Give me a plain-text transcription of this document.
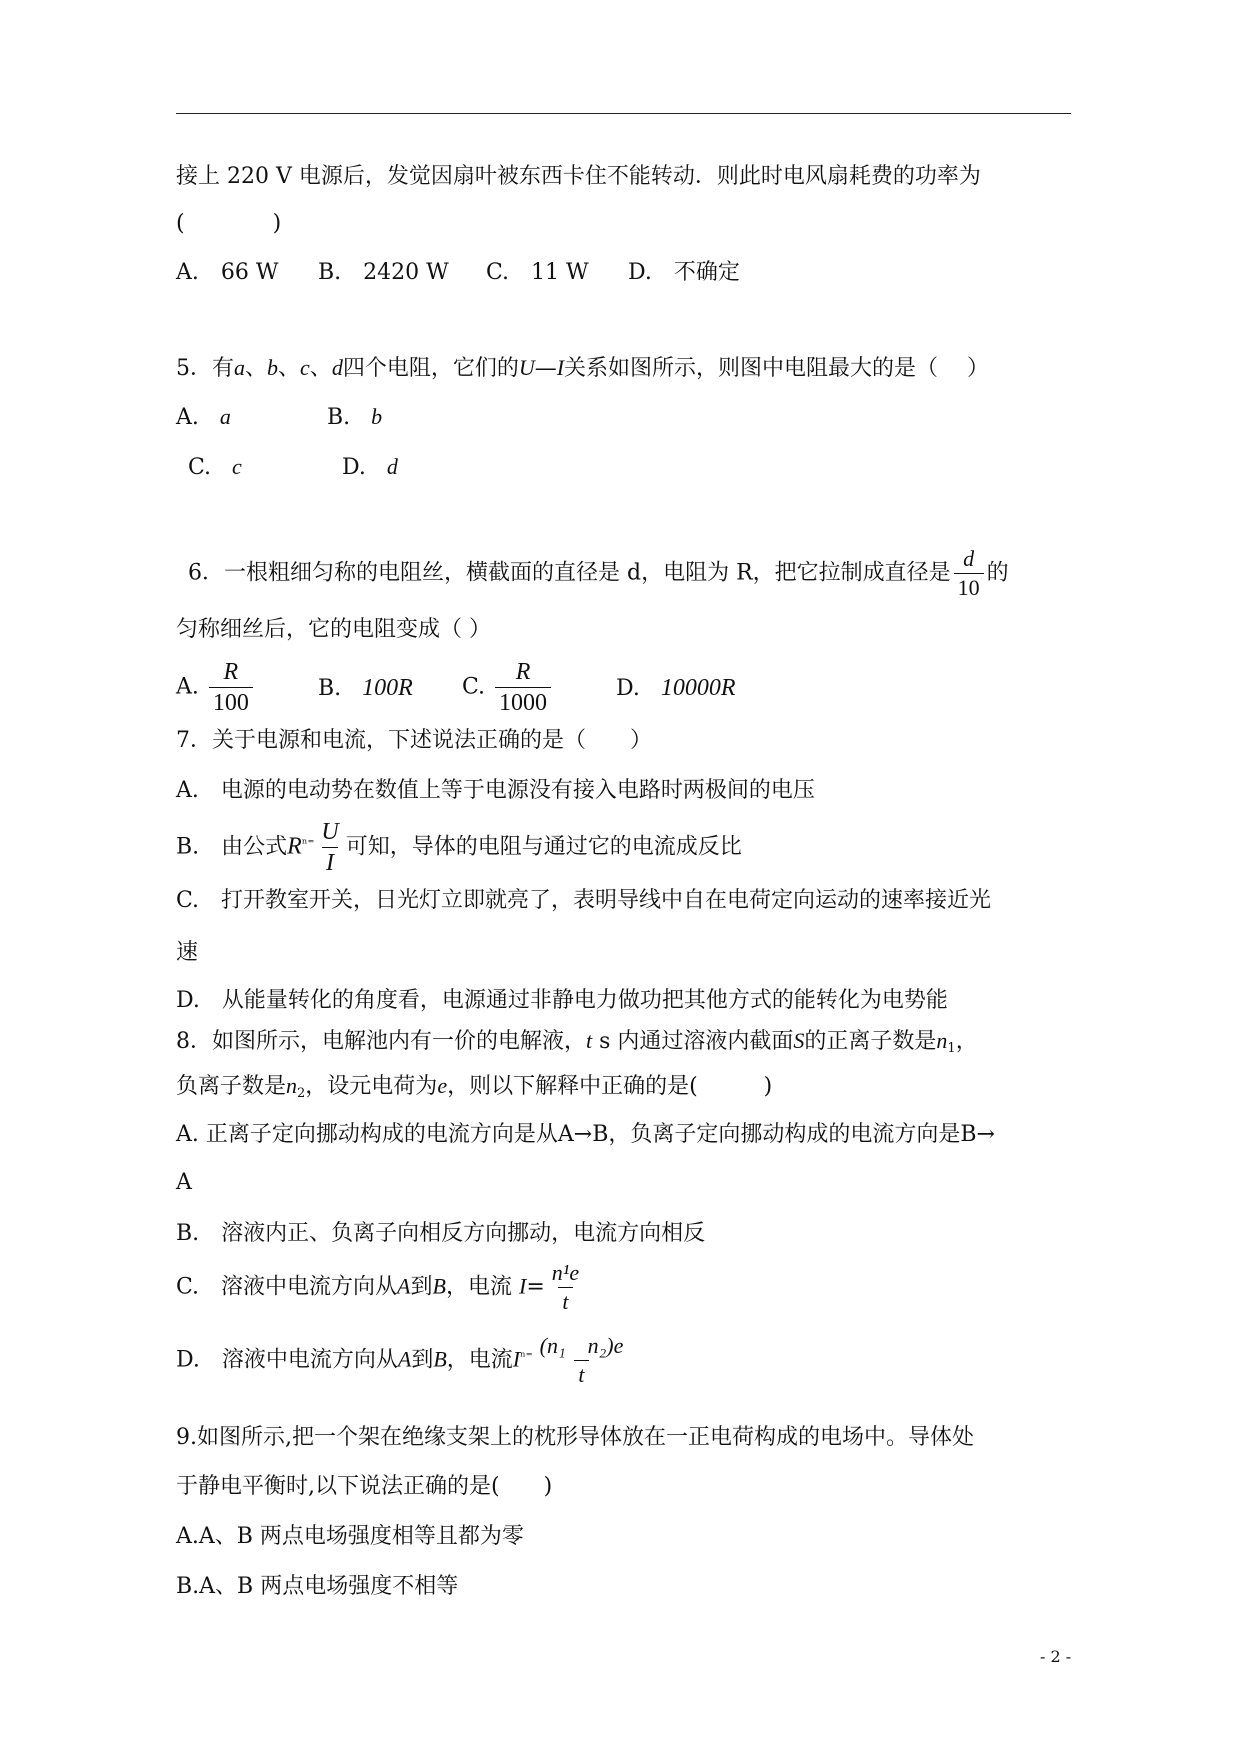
接上 220 V 电源后，发觉因扇叶被东西卡住不能转动．则此时电风扇耗费的功率为
(　　　　)
A.　66 W B.　2420 W C.　11 W D.　不确定
5．有a、b、c、d四个电阻，它们的U—I关系如图所示，则图中电阻最大的是（　 ）
A. a	B. b
C. c	D. d
6．一根粗细匀称的电阻丝，横截面的直径是 d，电阻为 R，把它拉制成直径是 $\frac{d}{10}$ 的
匀称细丝后，它的电阻变成（ ）
A. $\frac{R}{100}$	B. 100R C. $\frac{R}{1000}$	D. 10000R
7．关于电源和电流，下述说法正确的是（　　）
A.　电源的电动势在数值上等于电源没有接入电路时两极间的电压
B.　由公式$R^{^{n=}} \frac{U}{I}$ 可知，导体的电阻与通过它的电流成反比
C.　打开教室开关，日光灯立即就亮了，表明导线中自在电荷定向运动的速率接近光
速
D.　从能量转化的角度看，电源通过非静电力做功把其他方式的能转化为电势能
8．如图所示，电解池内有一价的电解液，t s 内通过溶液内截面S的正离子数是$n_1$，
负离子数是$n_2$，设元电荷为e，则以下解释中正确的是(　　　)
A. 正离子定向挪动构成的电流方向是从A→B，负离子定向挪动构成的电流方向是B→
A
B.　溶液内正、负离子向相反方向挪动，电流方向相反
C.　溶液中电流方向从A到B，电流 $I= \frac{\text{n¹e}}{t}$
D.　溶液中电流方向从A到B，电流$I^{^{n=}} \frac{\text{(n₁　n₂)e}}{t}$
9.如图所示,把一个架在绝缘支架上的枕形导体放在一正电荷构成的电场中。导体处
于静电平衡时,以下说法正确的是(　　)
A.A、B 两点电场强度相等且都为零
B.A、B 两点电场强度不相等
- 2 -
